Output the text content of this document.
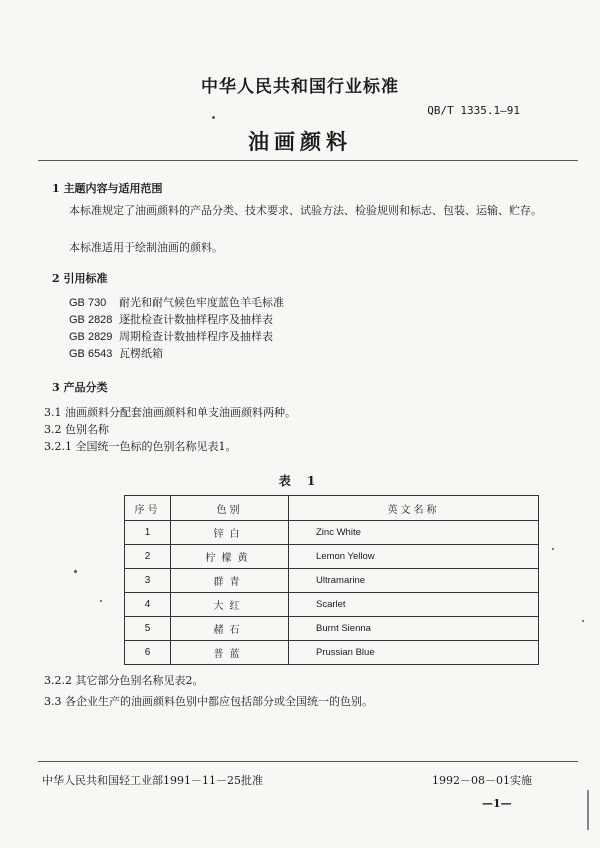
中华人民共和国行业标准
QB/T 1335.1—91
油画颜料
1 主题内容与适用范围
本标准规定了油画颜料的产品分类、技术要求、试验方法、检验规则和标志、包装、运输、贮存。
本标准适用于绘制油画的颜料。
2 引用标准
GB 730 耐光和耐气候色牢度蓝色羊毛标准
GB 2828 逐批检查计数抽样程序及抽样表
GB 2829 周期检查计数抽样程序及抽样表
GB 6543 瓦楞纸箱
3 产品分类
3.1 油画颜料分配套油画颜料和单支油画颜料两种。
3.2 色别名称
3.2.1 全国统一色标的色别名称见表1。
表 1
序号	色别	英文名称
1	锌白	Zinc White
2	柠檬黄	Lemon Yellow
3	群青	Ultramarine
4	大红	Scarlet
5	赭石	Burnt Sienna
6	普蓝	Prussian Blue
3.2.2 其它部分色别名称见表2。
3.3 各企业生产的油画颜料色别中都应包括部分或全国统一的色别。
中华人民共和国轻工业部1991－11－25批准	1992－08－01实施
—1—
